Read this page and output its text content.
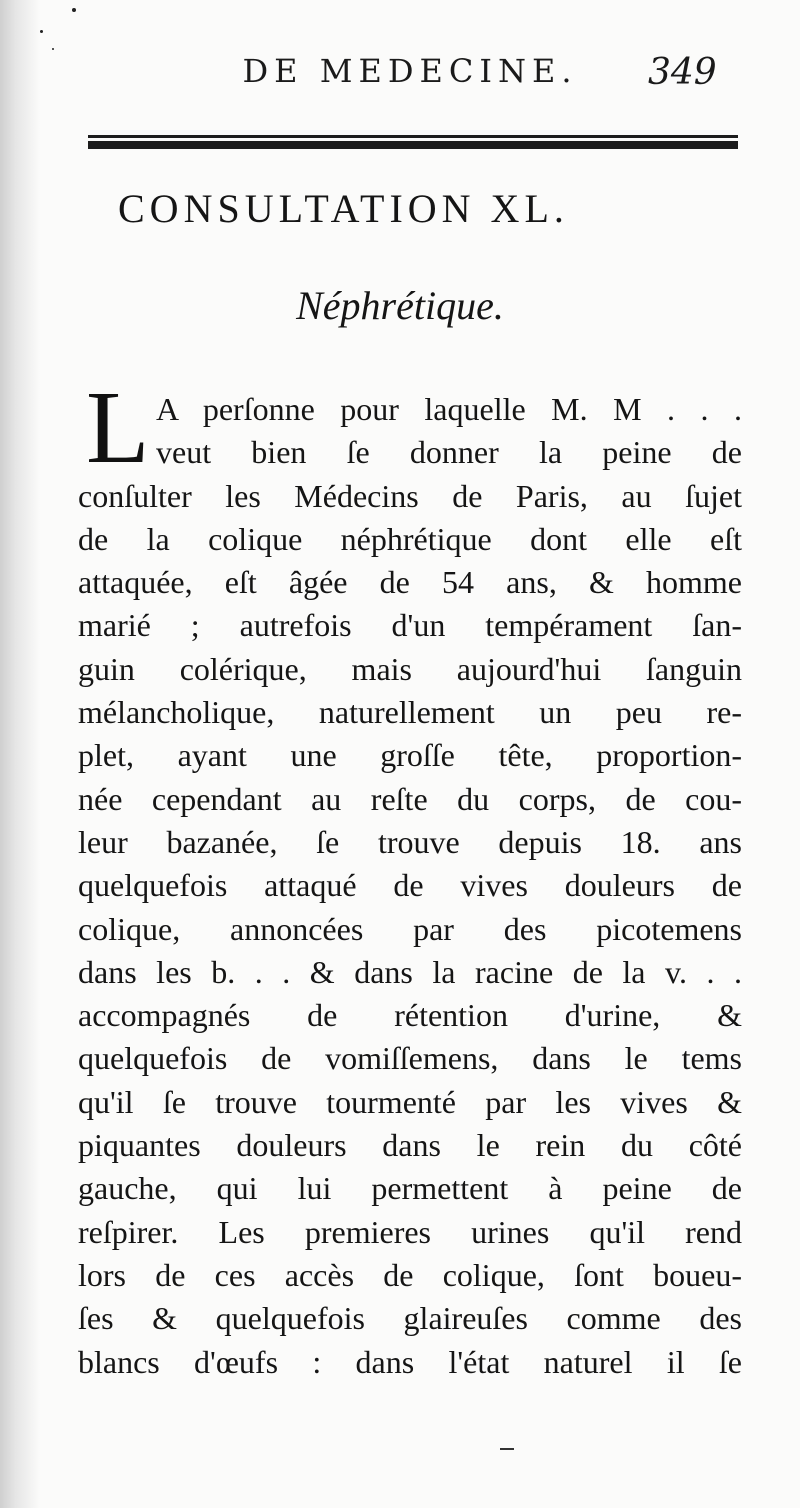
DE MEDECINE.	349
CONSULTATION XL.
Néphrétique.
L A perſonne pour laquelle M. M . . .
veut bien ſe donner la peine de
conſulter les Médecins de Paris, au ſujet
de la colique néphrétique dont elle eſt
attaquée, eſt âgée de 54 ans, & homme
marié ; autrefois d'un tempérament ſan-
guin colérique, mais aujourd'hui ſanguin
mélancholique, naturellement un peu re-
plet, ayant une groſſe tête, proportion-
née cependant au reſte du corps, de cou-
leur bazanée, ſe trouve depuis 18. ans
quelquefois attaqué de vives douleurs de
colique, annoncées par des picotemens
dans les b. . . & dans la racine de la v. . .
accompagnés de rétention d'urine, &
quelquefois de vomiſſemens, dans le tems
qu'il ſe trouve tourmenté par les vives &
piquantes douleurs dans le rein du côté
gauche, qui lui permettent à peine de
reſpirer. Les premieres urines qu'il rend
lors de ces accès de colique, ſont boueu-
ſes & quelquefois glaireuſes comme des
blancs d'œufs : dans l'état naturel il ſe
